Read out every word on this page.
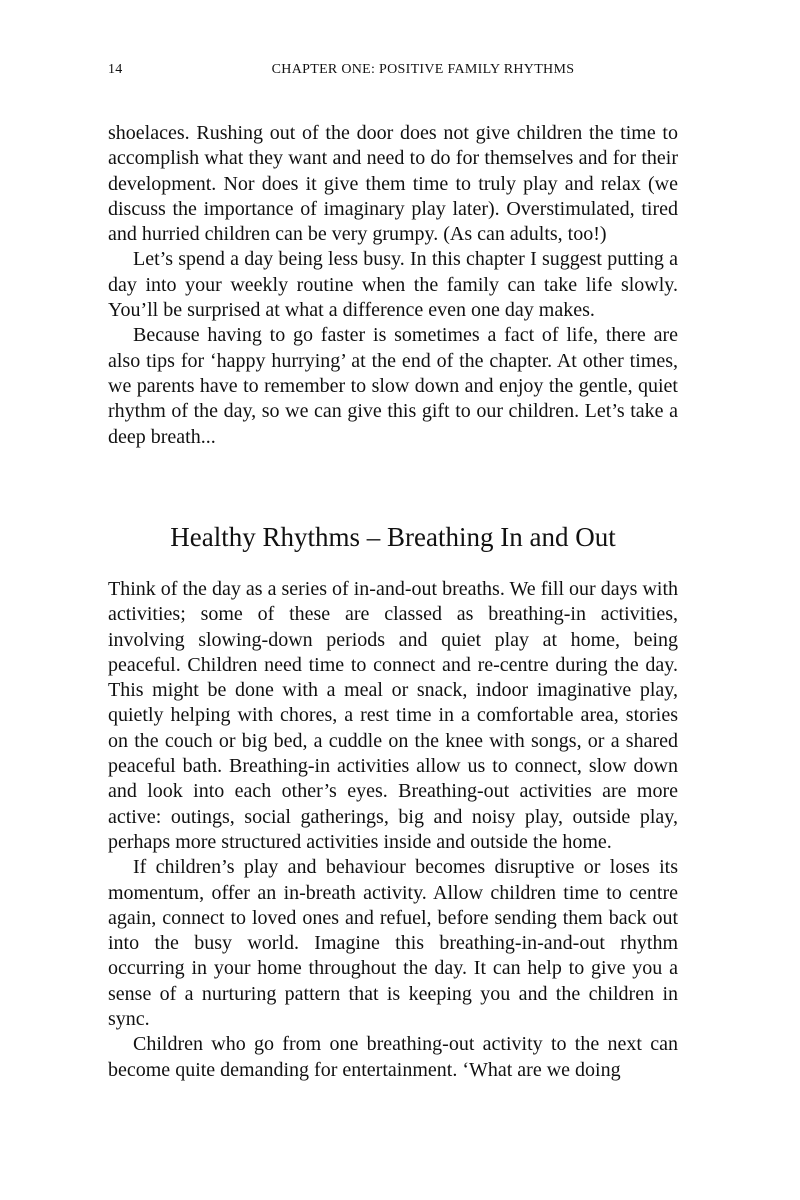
14	CHAPTER ONE: POSITIVE FAMILY RHYTHMS

shoelaces. Rushing out of the door does not give children the time to accomplish what they want and need to do for themselves and for their development. Nor does it give them time to truly play and relax (we discuss the importance of imaginary play later). Overstimulated, tired and hurried children can be very grumpy. (As can adults, too!)

Let’s spend a day being less busy. In this chapter I suggest putting a day into your weekly routine when the family can take life slowly. You’ll be surprised at what a difference even one day makes.

Because having to go faster is sometimes a fact of life, there are also tips for ‘happy hurrying’ at the end of the chapter. At other times, we parents have to remember to slow down and enjoy the gentle, quiet rhythm of the day, so we can give this gift to our children. Let’s take a deep breath...

Healthy Rhythms – Breathing In and Out

Think of the day as a series of in-and-out breaths. We fill our days with activities; some of these are classed as breathing-in activities, involving slowing-down periods and quiet play at home, being peaceful. Children need time to connect and re-centre during the day. This might be done with a meal or snack, indoor imaginative play, quietly helping with chores, a rest time in a comfortable area, stories on the couch or big bed, a cuddle on the knee with songs, or a shared peaceful bath. Breathing-in activities allow us to connect, slow down and look into each other’s eyes. Breathing-out activities are more active: outings, social gatherings, big and noisy play, outside play, perhaps more structured activities inside and outside the home.

If children’s play and behaviour becomes disruptive or loses its momentum, offer an in-breath activity. Allow children time to centre again, connect to loved ones and refuel, before sending them back out into the busy world. Imagine this breathing-in-and-out rhythm occurring in your home throughout the day. It can help to give you a sense of a nurturing pattern that is keeping you and the children in sync.

Children who go from one breathing-out activity to the next can become quite demanding for entertainment. ‘What are we doing
